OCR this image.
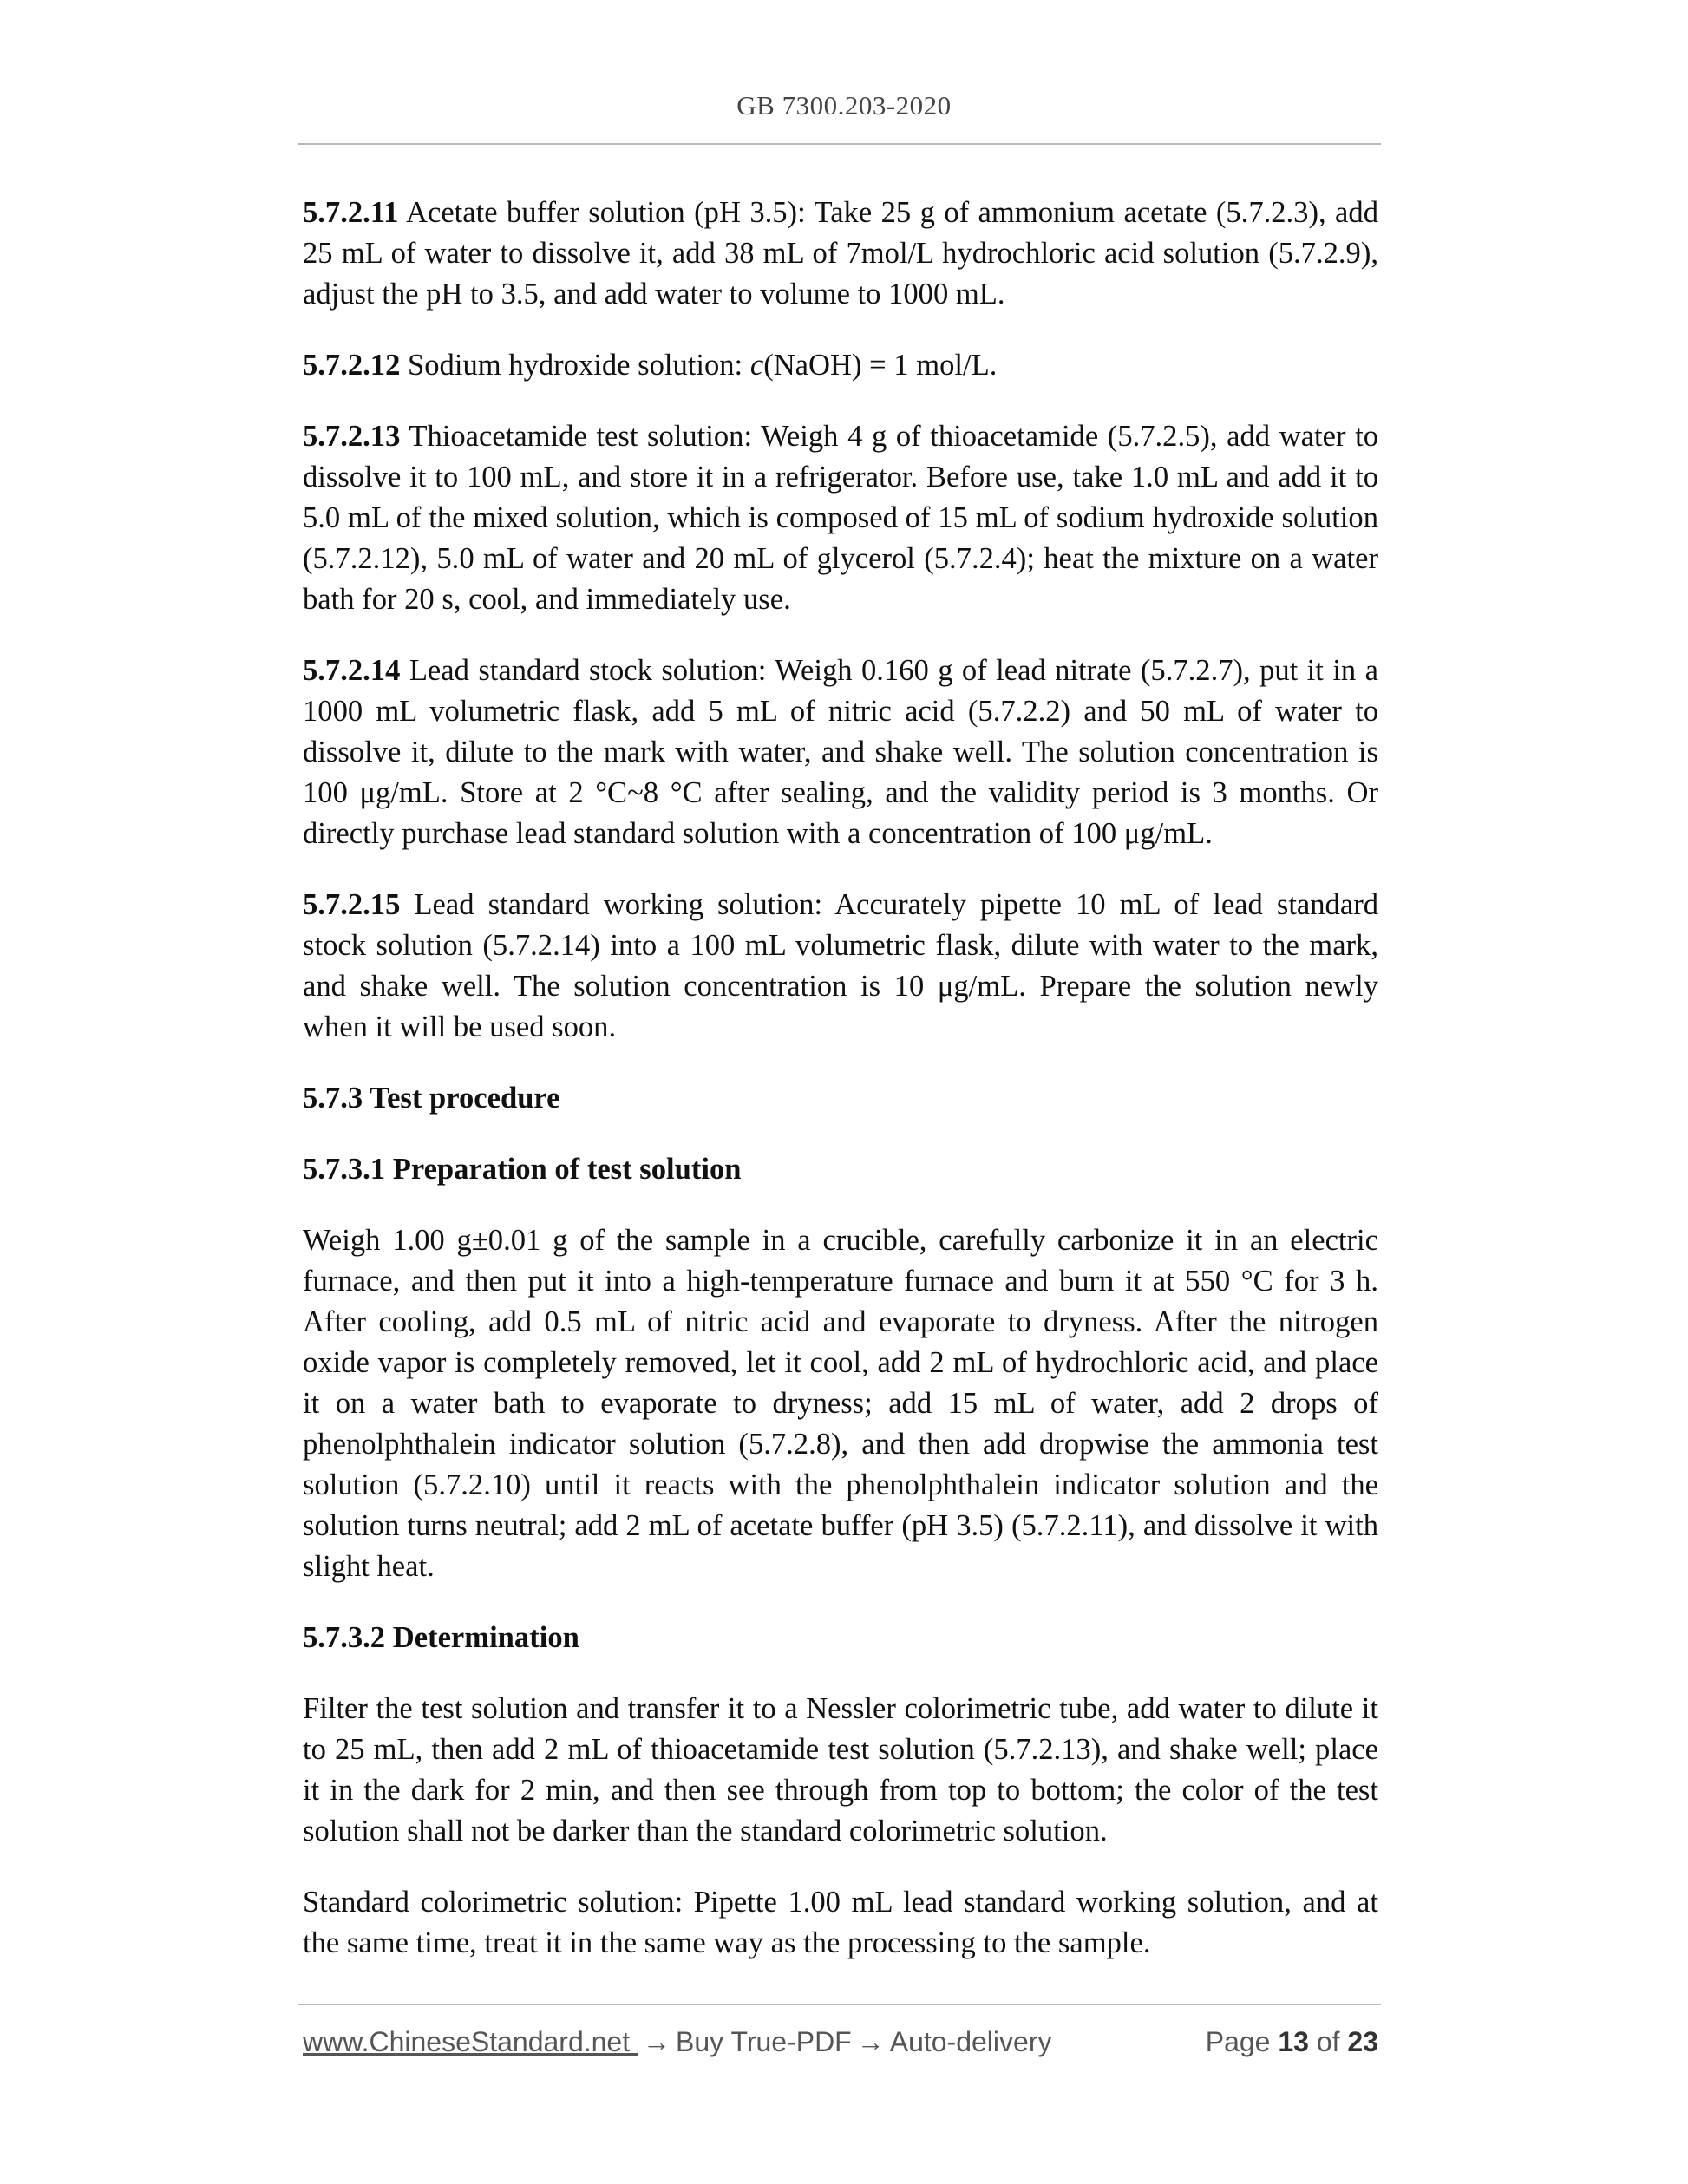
GB 7300.203-2020

5.7.2.11 Acetate buffer solution (pH 3.5): Take 25 g of ammonium acetate (5.7.2.3), add 25 mL of water to dissolve it, add 38 mL of 7mol/L hydrochloric acid solution (5.7.2.9), adjust the pH to 3.5, and add water to volume to 1000 mL.

5.7.2.12 Sodium hydroxide solution: c(NaOH) = 1 mol/L.

5.7.2.13 Thioacetamide test solution: Weigh 4 g of thioacetamide (5.7.2.5), add water to dissolve it to 100 mL, and store it in a refrigerator. Before use, take 1.0 mL and add it to 5.0 mL of the mixed solution, which is composed of 15 mL of sodium hydroxide solution (5.7.2.12), 5.0 mL of water and 20 mL of glycerol (5.7.2.4); heat the mixture on a water bath for 20 s, cool, and immediately use.

5.7.2.14 Lead standard stock solution: Weigh 0.160 g of lead nitrate (5.7.2.7), put it in a 1000 mL volumetric flask, add 5 mL of nitric acid (5.7.2.2) and 50 mL of water to dissolve it, dilute to the mark with water, and shake well. The solution concentration is 100 μg/mL. Store at 2 °C~8 °C after sealing, and the validity period is 3 months. Or directly purchase lead standard solution with a concentration of 100 μg/mL.

5.7.2.15 Lead standard working solution: Accurately pipette 10 mL of lead standard stock solution (5.7.2.14) into a 100 mL volumetric flask, dilute with water to the mark, and shake well. The solution concentration is 10 μg/mL. Prepare the solution newly when it will be used soon.

5.7.3 Test procedure

5.7.3.1 Preparation of test solution

Weigh 1.00 g±0.01 g of the sample in a crucible, carefully carbonize it in an electric furnace, and then put it into a high-temperature furnace and burn it at 550 °C for 3 h. After cooling, add 0.5 mL of nitric acid and evaporate to dryness. After the nitrogen oxide vapor is completely removed, let it cool, add 2 mL of hydrochloric acid, and place it on a water bath to evaporate to dryness; add 15 mL of water, add 2 drops of phenolphthalein indicator solution (5.7.2.8), and then add dropwise the ammonia test solution (5.7.2.10) until it reacts with the phenolphthalein indicator solution and the solution turns neutral; add 2 mL of acetate buffer (pH 3.5) (5.7.2.11), and dissolve it with slight heat.

5.7.3.2 Determination

Filter the test solution and transfer it to a Nessler colorimetric tube, add water to dilute it to 25 mL, then add 2 mL of thioacetamide test solution (5.7.2.13), and shake well; place it in the dark for 2 min, and then see through from top to bottom; the color of the test solution shall not be darker than the standard colorimetric solution.

Standard colorimetric solution: Pipette 1.00 mL lead standard working solution, and at the same time, treat it in the same way as the processing to the sample.

www.ChineseStandard.net → Buy True-PDF → Auto-delivery	Page 13 of 23
